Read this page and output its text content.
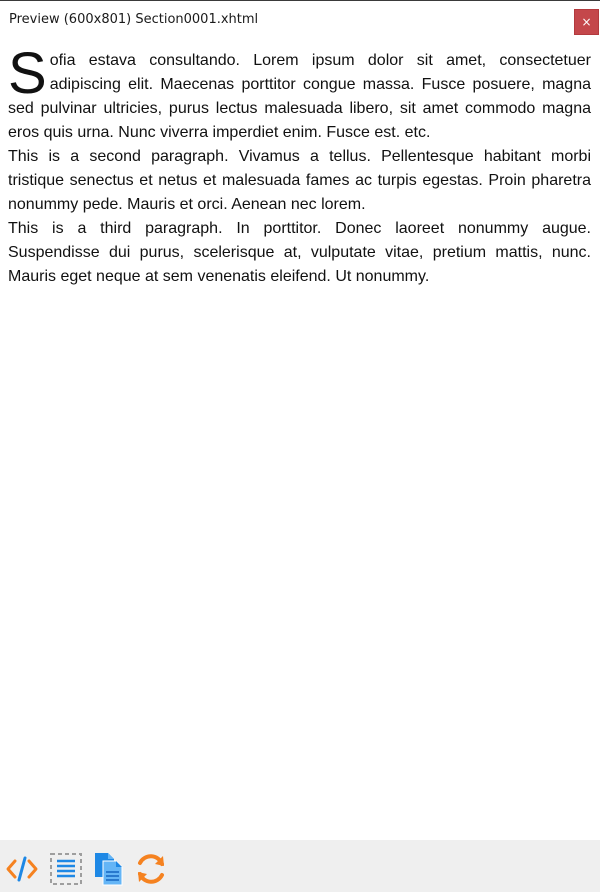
Preview (600x801) Section0001.xhtml	×

Sofia estava consultando. Lorem ipsum dolor sit amet, consectetuer adipiscing elit. Maecenas porttitor congue massa. Fusce posuere, magna sed pulvinar ultricies, purus lectus malesuada libero, sit amet commodo magna eros quis urna. Nunc viverra imperdiet enim. Fusce est. etc.

This is a second paragraph. Vivamus a tellus. Pellentesque habitant morbi tristique senectus et netus et malesuada fames ac turpis egestas. Proin pharetra nonummy pede. Mauris et orci. Aenean nec lorem.

This is a third paragraph. In porttitor. Donec laoreet nonummy augue. Suspendisse dui purus, scelerisque at, vulputate vitae, pretium mattis, nunc. Mauris eget neque at sem venenatis eleifend. Ut nonummy.
